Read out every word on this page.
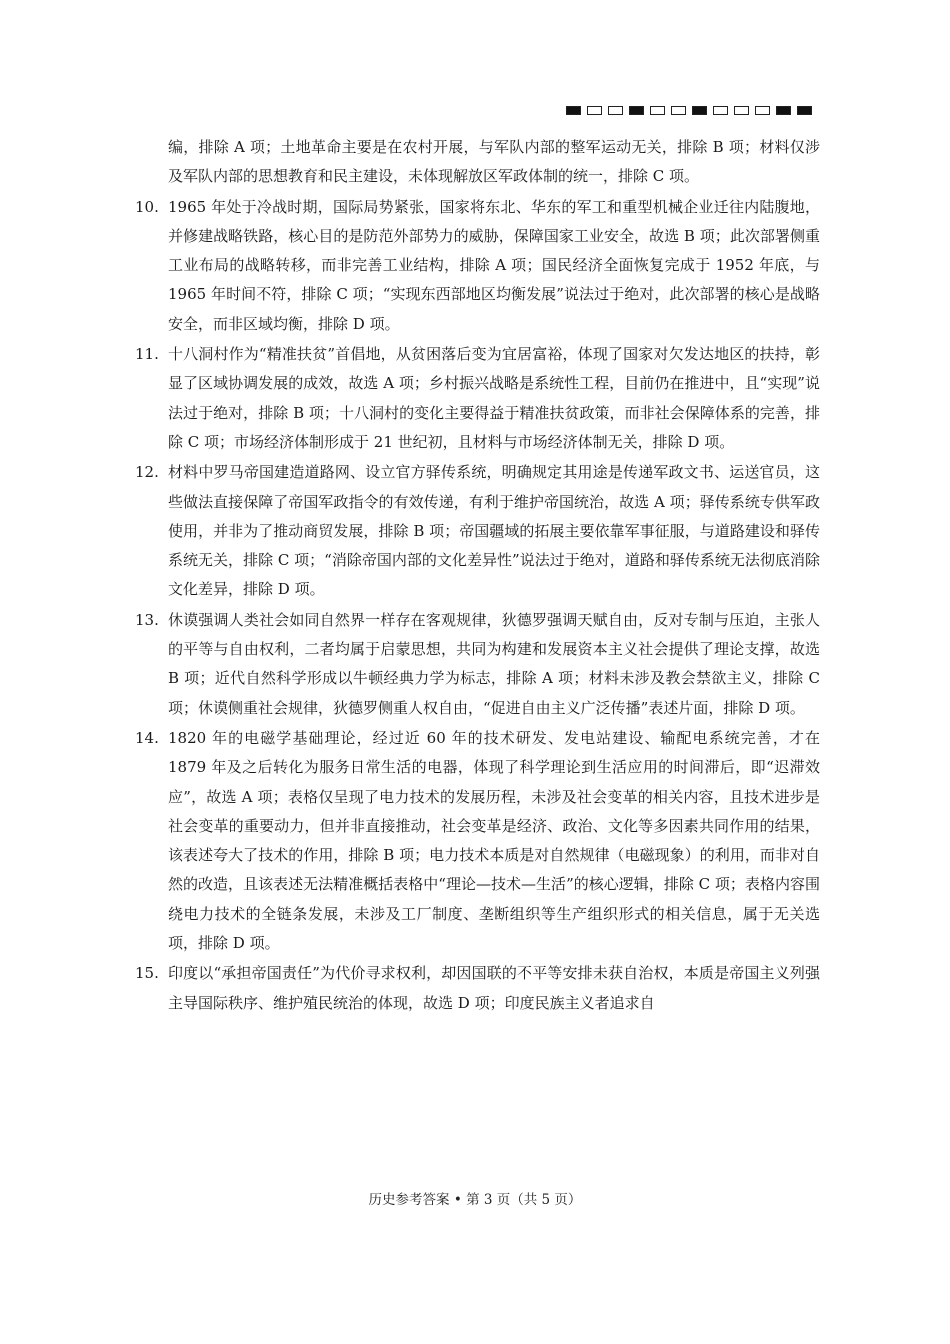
编，排除 A 项；土地革命主要是在农村开展，与军队内部的整军运动无关，排除 B 项；材料仅涉及军队内部的思想教育和民主建设，未体现解放区军政体制的统一，排除 C 项。

10. 1965 年处于冷战时期，国际局势紧张，国家将东北、华东的军工和重型机械企业迁往内陆腹地，并修建战略铁路，核心目的是防范外部势力的威胁，保障国家工业安全，故选 B 项；此次部署侧重工业布局的战略转移，而非完善工业结构，排除 A 项；国民经济全面恢复完成于 1952 年底，与 1965 年时间不符，排除 C 项；“实现东西部地区均衡发展”说法过于绝对，此次部署的核心是战略安全，而非区域均衡，排除 D 项。
11. 十八洞村作为“精准扶贫”首倡地，从贫困落后变为宜居富裕，体现了国家对欠发达地区的扶持，彰显了区域协调发展的成效，故选 A 项；乡村振兴战略是系统性工程，目前仍在推进中，且“实现”说法过于绝对，排除 B 项；十八洞村的变化主要得益于精准扶贫政策，而非社会保障体系的完善，排除 C 项；市场经济体制形成于 21 世纪初，且材料与市场经济体制无关，排除 D 项。
12. 材料中罗马帝国建造道路网、设立官方驿传系统，明确规定其用途是传递军政文书、运送官员，这些做法直接保障了帝国军政指令的有效传递，有利于维护帝国统治，故选 A 项；驿传系统专供军政使用，并非为了推动商贸发展，排除 B 项；帝国疆域的拓展主要依靠军事征服，与道路建设和驿传系统无关，排除 C 项；“消除帝国内部的文化差异性”说法过于绝对，道路和驿传系统无法彻底消除文化差异，排除 D 项。
13. 休谟强调人类社会如同自然界一样存在客观规律，狄德罗强调天赋自由，反对专制与压迫，主张人的平等与自由权利，二者均属于启蒙思想，共同为构建和发展资本主义社会提供了理论支撑，故选 B 项；近代自然科学形成以牛顿经典力学为标志，排除 A 项；材料未涉及教会禁欲主义，排除 C 项；休谟侧重社会规律，狄德罗侧重人权自由，“促进自由主义广泛传播”表述片面，排除 D 项。
14. 1820 年的电磁学基础理论，经过近 60 年的技术研发、发电站建设、输配电系统完善，才在 1879 年及之后转化为服务日常生活的电器，体现了科学理论到生活应用的时间滞后，即“迟滞效应”，故选 A 项；表格仅呈现了电力技术的发展历程，未涉及社会变革的相关内容，且技术进步是社会变革的重要动力，但并非直接推动，社会变革是经济、政治、文化等多因素共同作用的结果，该表述夸大了技术的作用，排除 B 项；电力技术本质是对自然规律（电磁现象）的利用，而非对自然的改造，且该表述无法精准概括表格中“理论—技术—生活”的核心逻辑，排除 C 项；表格内容围绕电力技术的全链条发展，未涉及工厂制度、垄断组织等生产组织形式的相关信息，属于无关选项，排除 D 项。
15. 印度以“承担帝国责任”为代价寻求权利，却因国联的不平等安排未获自治权，本质是帝国主义列强主导国际秩序、维护殖民统治的体现，故选 D 项；印度民族主义者追求自
历史参考答案 • 第 3 页（共 5 页）
